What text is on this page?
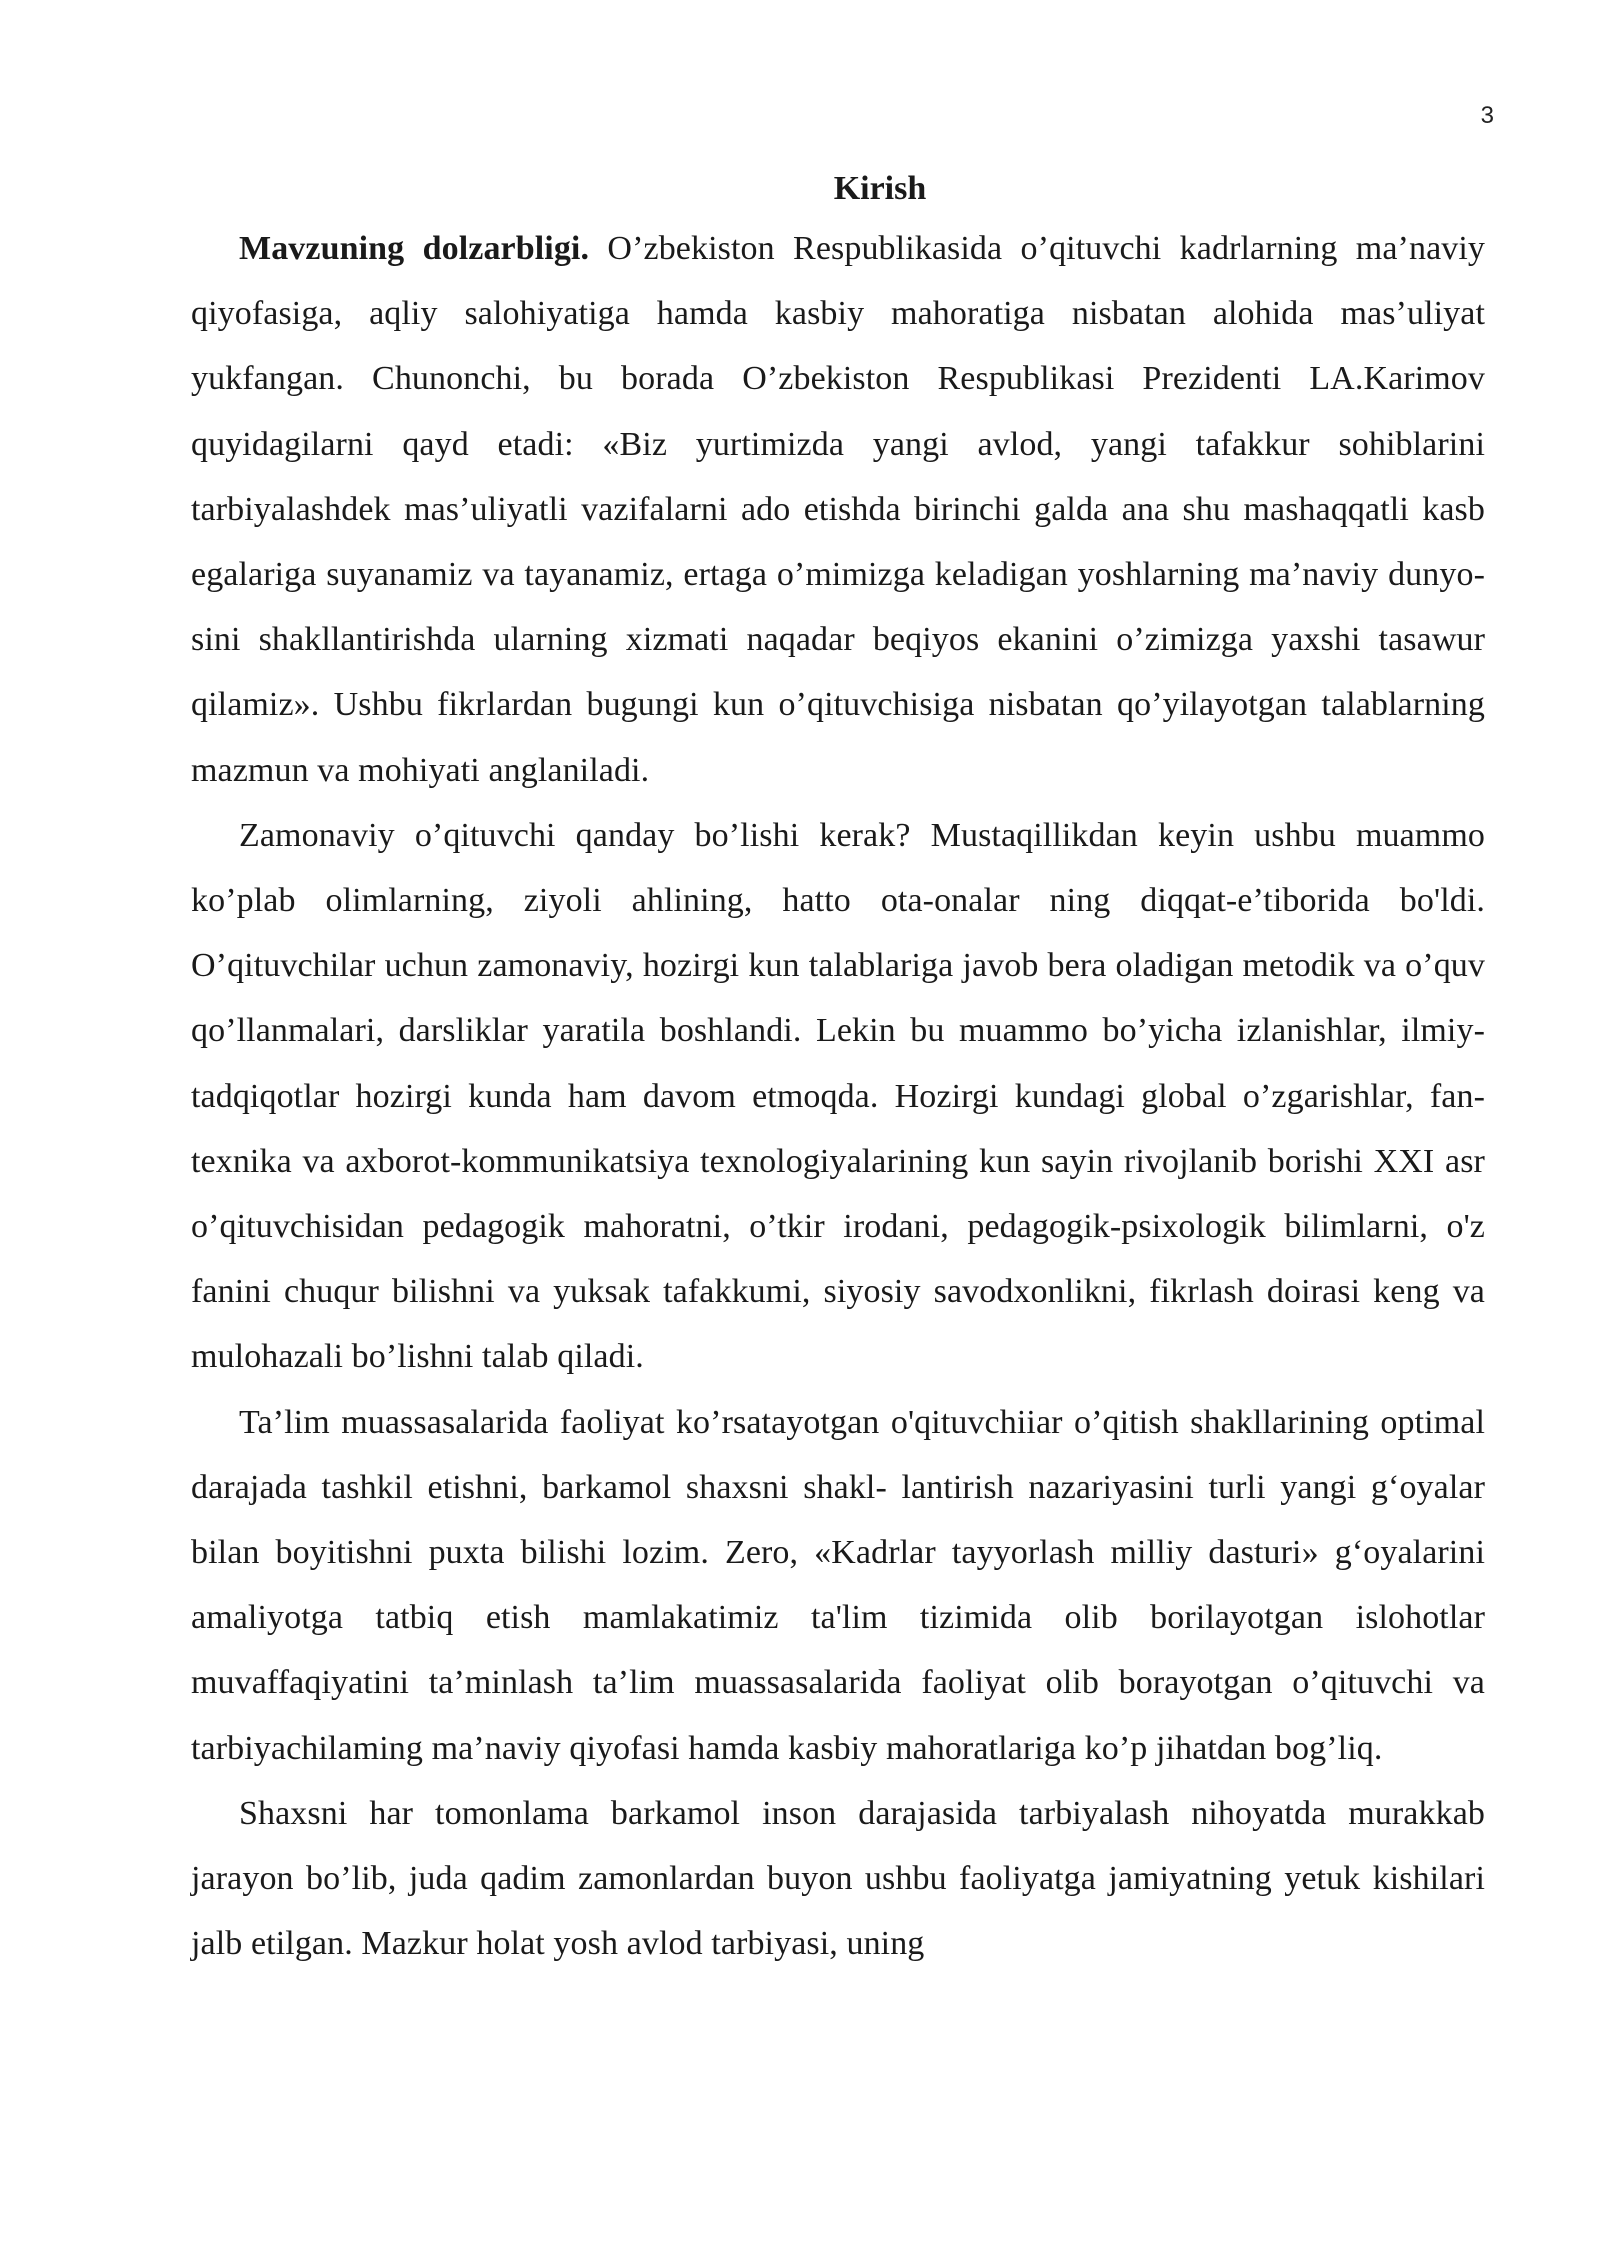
3
Kirish

Mavzuning dolzarbligi. O’zbekiston Respublikasida o’qituvchi kadrlarning ma’naviy qiyofasiga, aqliy salohiyatiga hamda kasbiy mahoratiga nisbatan alohida mas’uliyat yukfangan. Chunonchi, bu borada O’zbekiston Respublikasi Prezidenti LA.Karimov quyidagilarni qayd etadi: «Biz yurtimizda yangi avlod, yangi tafakkur sohiblarini tarbiyalashdek mas’uliyatli vazifalarni ado etishda birinchi galda ana shu mashaqqatli kasb egalariga suyanamiz va tayanamiz, ertaga o’mimizga keladigan yoshlarning ma’naviy dunyo- sini shakllantirishda ularning xizmati naqadar beqiyos ekanini o’zimizga yaxshi tasawur qilamiz». Ushbu fikrlardan bugungi kun o’qituvchisiga nisbatan qo’yilayotgan talablarning mazmun va mohiyati anglaniladi.

Zamonaviy o’qituvchi qanday bo’lishi kerak? Mustaqillikdan keyin ushbu muammo ko’plab olimlarning, ziyoli ahlining, hatto ota-onalar ning diqqat-e’tiborida bo'ldi. O’qituvchilar uchun zamonaviy, hozirgi kun talablariga javob bera oladigan metodik va o’quv qo’llanmalari, darsliklar yaratila boshlandi. Lekin bu muammo bo’yicha izlanishlar, ilmiy-tadqiqotlar hozirgi kunda ham davom etmoqda. Hozirgi kundagi global o’zgarishlar, fan-texnika va axborot-kommunikatsiya texnologiyalarining kun sayin rivojlanib borishi XXI asr o’qituvchisidan pedagogik mahoratni, o’tkir irodani, pedagogik-psixologik bilimlarni, o'z fanini chuqur bilishni va yuksak tafakkumi, siyosiy savodxonlikni, fikrlash doirasi keng va mulohazali bo’lishni talab qiladi.

Ta’lim muassasalarida faoliyat ko’rsatayotgan o'qituvchiiar o’qitish shakllarining optimal darajada tashkil etishni, barkamol shaxsni shakl- lantirish nazariyasini turli yangi g‘oyalar bilan boyitishni puxta bilishi lozim. Zero, «Kadrlar tayyorlash milliy dasturi» g‘oyalarini amaliyotga tatbiq etish mamlakatimiz ta'lim tizimida olib borilayotgan islohotlar muvaffaqiyatini ta’minlash ta’lim muassasalarida faoliyat olib borayotgan o’qituvchi va tarbiyachilaming ma’naviy qiyofasi hamda kasbiy mahoratlariga ko’p jihatdan bog’liq.

Shaxsni har tomonlama barkamol inson darajasida tarbiyalash nihoyatda murakkab jarayon bo’lib, juda qadim zamonlardan buyon ushbu faoliyatga jamiyatning yetuk kishilari jalb etilgan. Mazkur holat yosh avlod tarbiyasi, uning
